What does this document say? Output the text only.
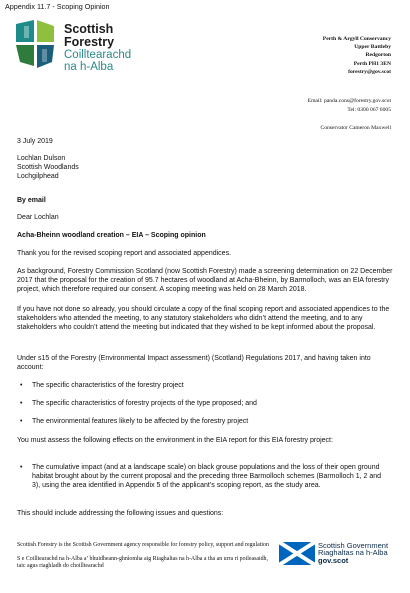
Appendix 11.7 - Scoping Opinion
Scottish
Forestry
Coilltearachd
na h-Alba
Perth & Argyll Conservancy
Upper Battleby
Redgorton
Perth PH1 3EN
forestry@gov.scot
Email: panda.cons@forestry.gov.scot
Tel: 0300 067 6005
Conservator Cameron Maxwell
3 July 2019
Lochlan Dulson
Scottish Woodlands
Lochgilphead
By email
Dear Lochlan
Acha-Bheinn woodland creation – EIA – Scoping opinion
Thank you for the revised scoping report and associated appendices.
As background, Forestry Commission Scotland (now Scottish Forestry) made a screening determination on 22 December 2017 that the proposal for the creation of 95.7 hectares of woodland at Acha-Bheinn, by Barmolloch, was an EIA forestry project, which therefore required our consent. A scoping meeting was held on 28 March 2018.
If you have not done so already, you should circulate a copy of the final scoping report and associated appendices to the stakeholders who attended the meeting, to any statutory stakeholders who didn’t attend the meeting, and to any stakeholders who couldn’t attend the meeting but indicated that they wished to be kept informed about the proposal.
Under s15 of the Forestry (Environmental Impact assessment) (Scotland) Regulations 2017, and having taken into account:
• The specific characteristics of the forestry project
• The specific characteristics of forestry projects of the type proposed; and
• The environmental features likely to be affected by the forestry project
You must assess the following effects on the environment in the EIA report for this EIA forestry project:
• The cumulative impact (and at a landscape scale) on black grouse populations and the loss of their open ground habitat brought about by the current proposal and the preceding three Barmolloch schemes (Barmolloch 1, 2 and 3), using the area identified in Appendix 5 of the applicant’s scoping report, as the study area.
This should include addressing the following issues and questions:
Scottish Forestry is the Scottish Government agency responsible for forestry policy, support and regulation
S e Coilltearachd na h-Alba a’ bhuidheann-ghnìomha aig Riaghaltas na h-Alba a tha an urra ri poileasaidh, taic agus riaghladh do choilltearachd
Scottish Government
Riaghaltas na h-Alba
gov.scot
